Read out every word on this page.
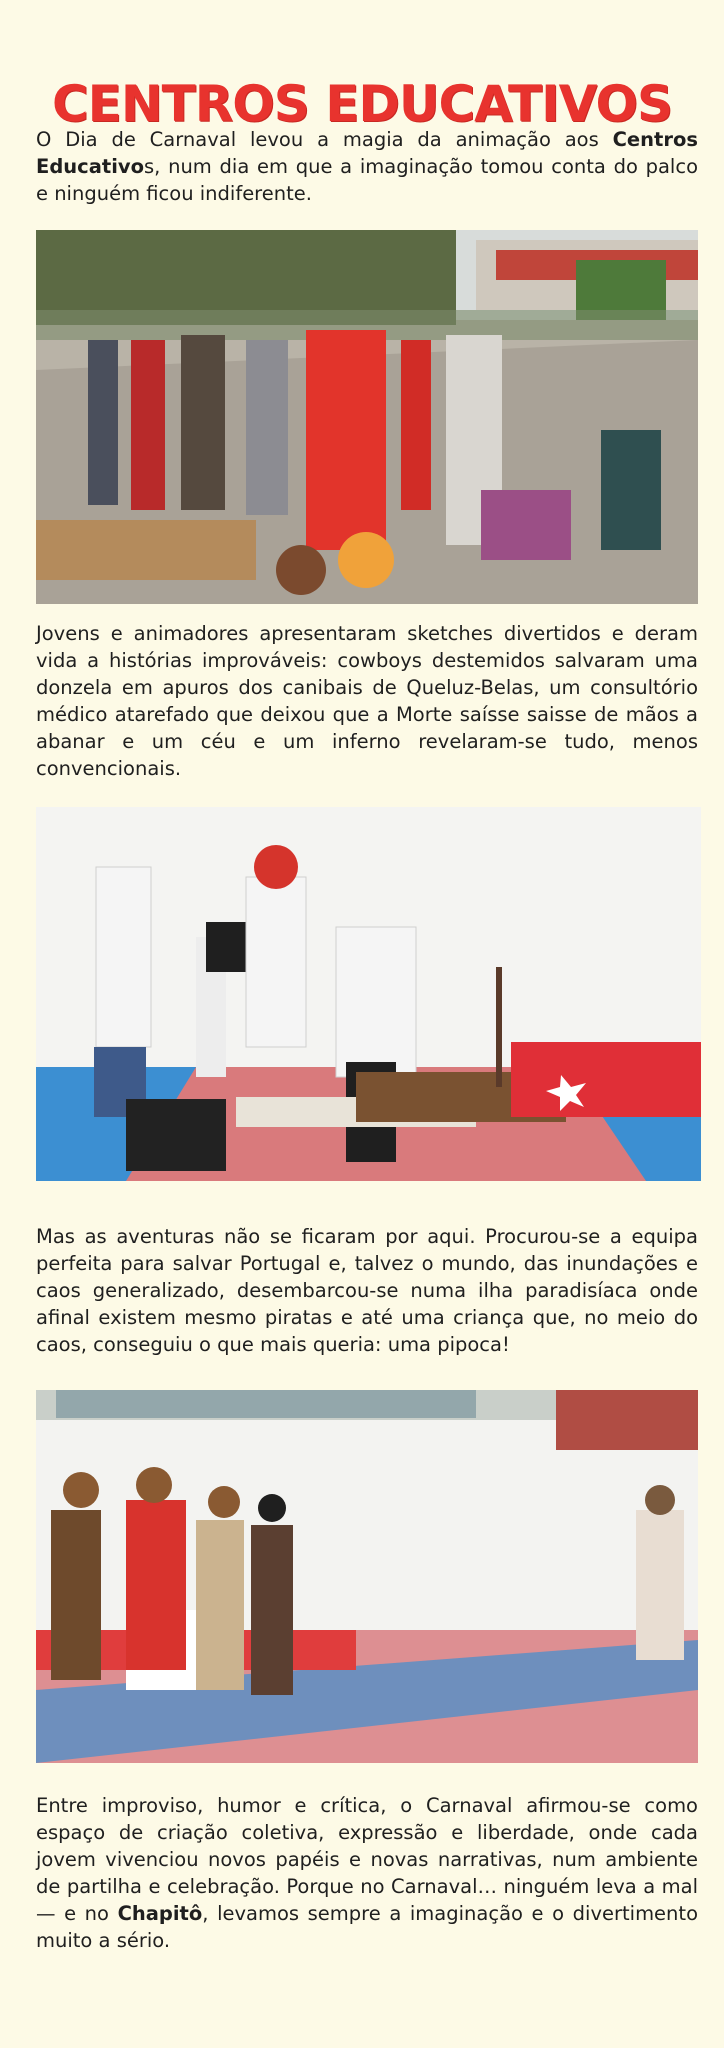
CENTROS EDUCATIVOS

O Dia de Carnaval levou a magia da animação aos Centros Educativos, num dia em que a imaginação tomou conta do palco e ninguém ficou indiferente.

Jovens e animadores apresentaram sketches divertidos e deram vida a histórias improváveis: cowboys destemidos salvaram uma donzela em apuros dos canibais de Queluz-Belas, um consultório médico atarefado que deixou que a Morte saísse saisse de mãos a abanar e um céu e um inferno revelaram-se tudo, menos convencionais.

Mas as aventuras não se ficaram por aqui. Procurou-se a equipa perfeita para salvar Portugal e, talvez o mundo, das inundações e caos generalizado, desembarcou-se numa ilha paradisíaca onde afinal existem mesmo piratas e até uma criança que, no meio do caos, conseguiu o que mais queria: uma pipoca!

Entre improviso, humor e crítica, o Carnaval afirmou-se como espaço de criação coletiva, expressão e liberdade, onde cada jovem vivenciou novos papéis e novas narrativas, num ambiente de partilha e celebração. Porque no Carnaval… ninguém leva a mal — e no Chapitô, levamos sempre a imaginação e o divertimento muito a sério.
